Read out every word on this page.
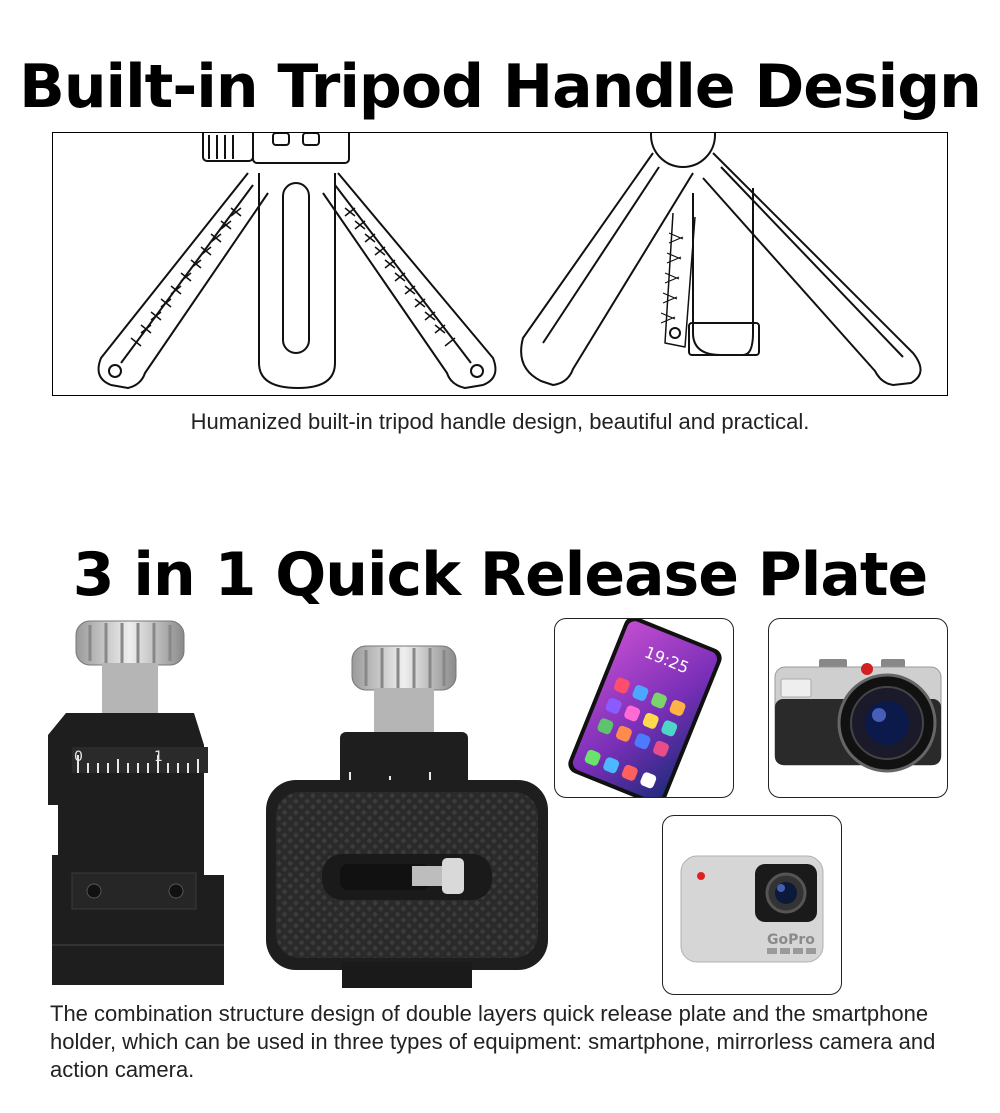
Built-in Tripod Handle Design
Humanized built-in tripod handle design, beautiful and practical.
3 in 1 Quick Release Plate
0	1
19:25
GoPro
The combination structure design of double layers quick release plate and the smartphone holder, which can be used in three types of equipment: smartphone, mirrorless camera and action camera.
